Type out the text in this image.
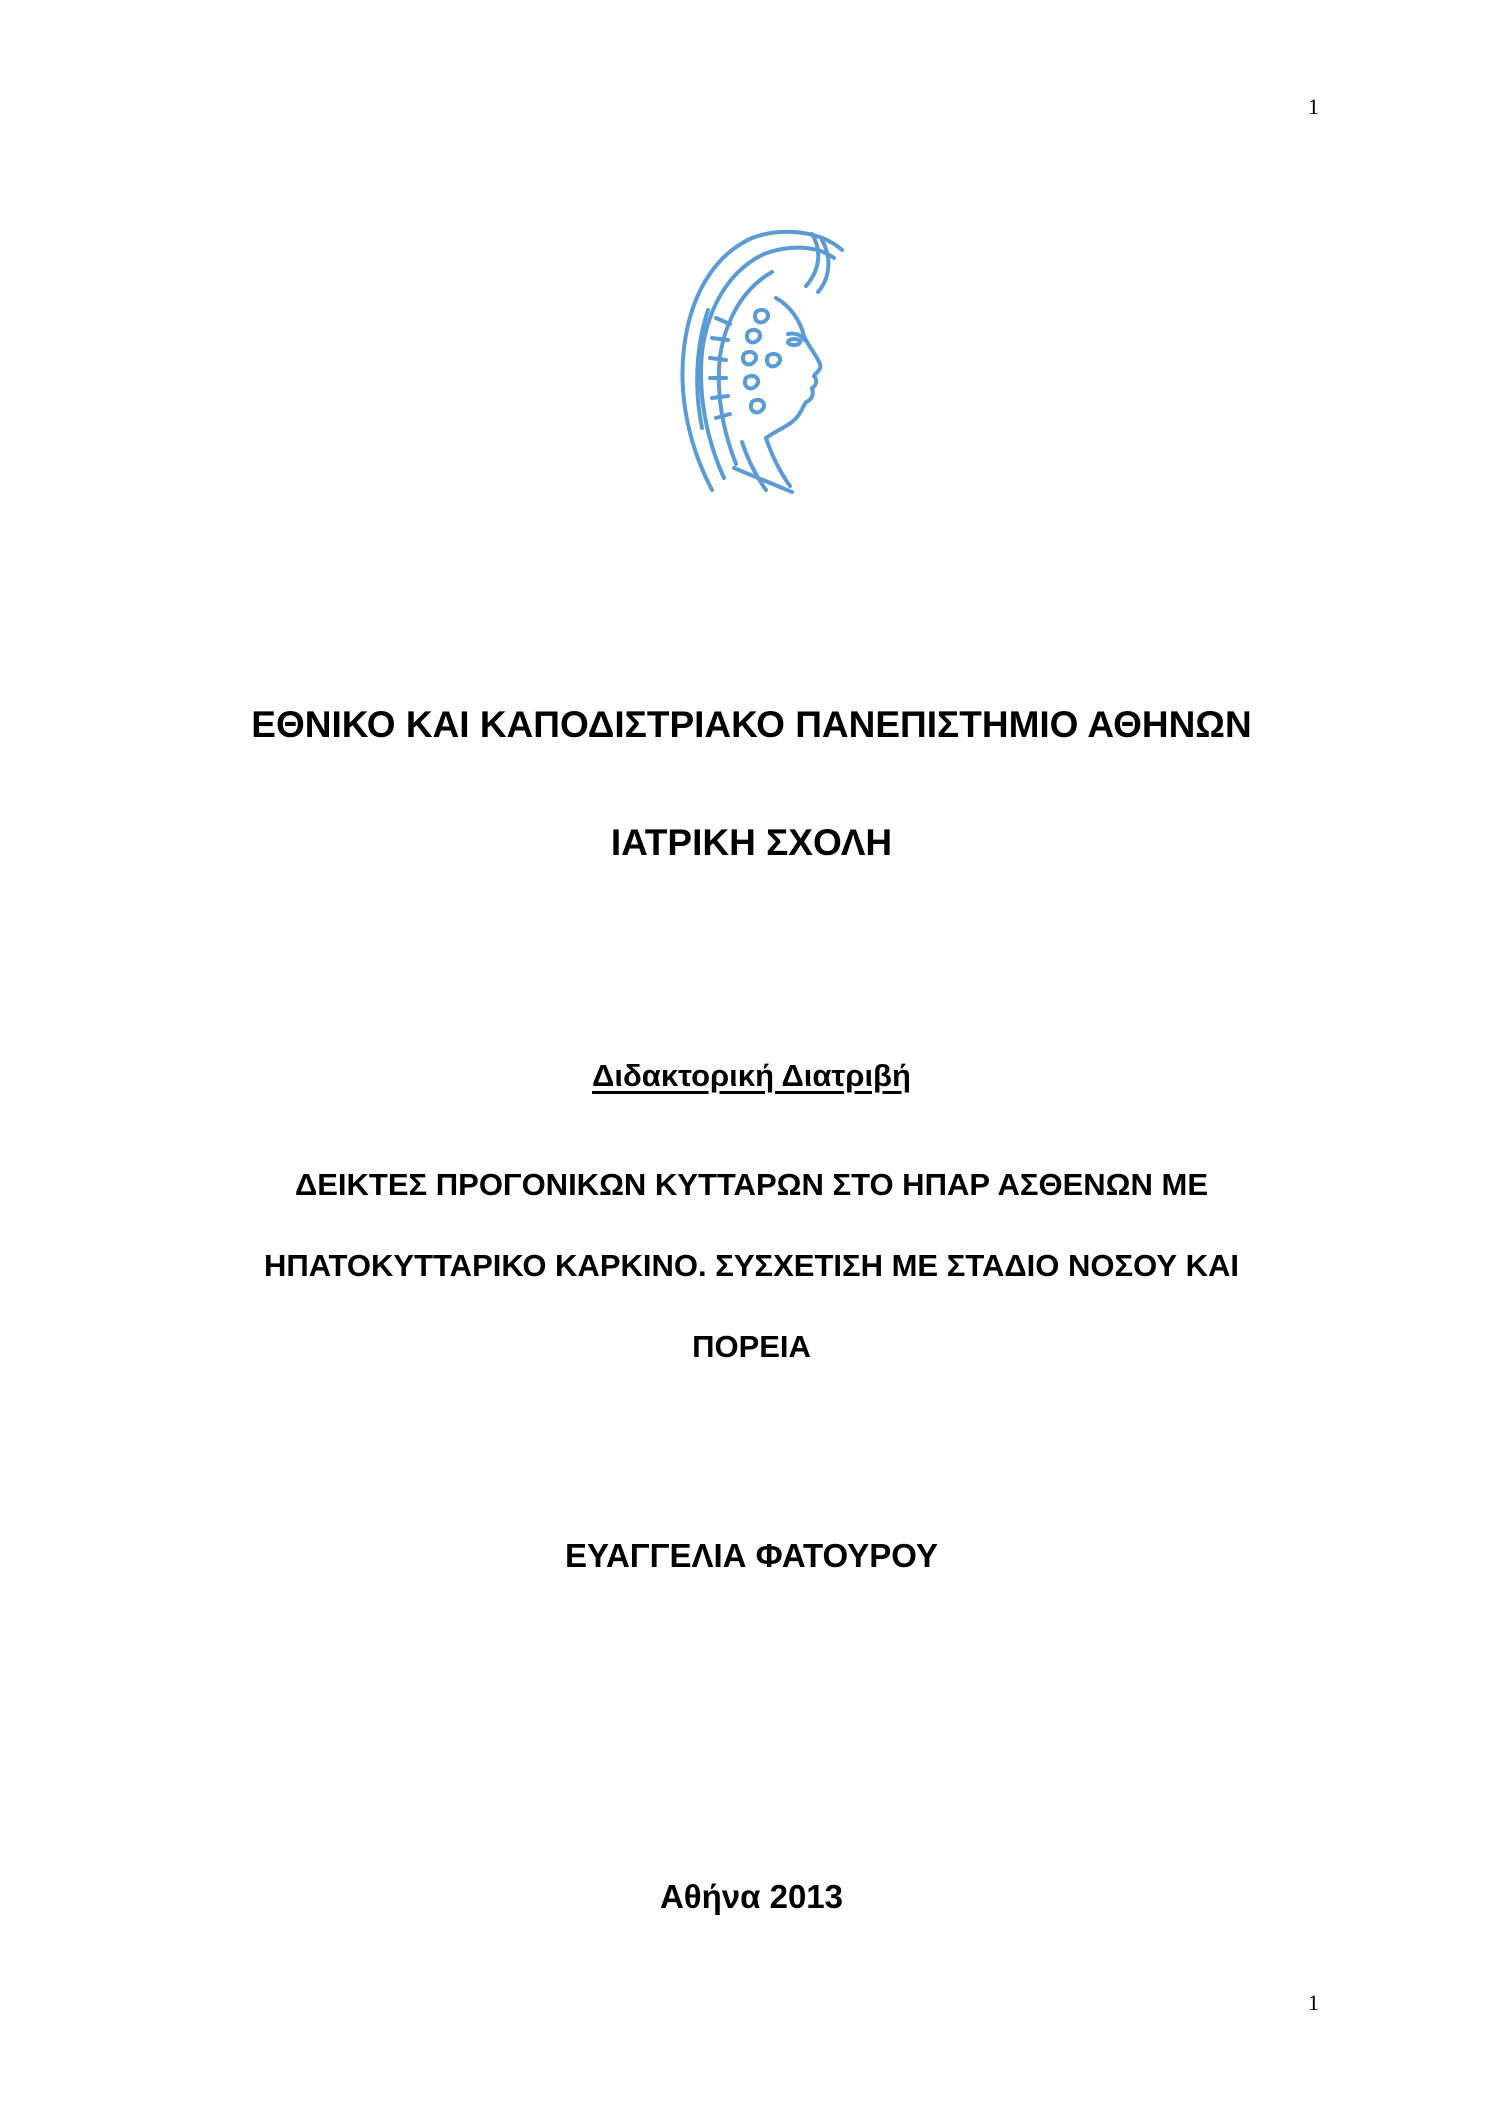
1
ΕΘΝΙΚΟ ΚΑΙ ΚΑΠΟΔΙΣΤΡΙΑΚΟ ΠΑΝΕΠΙΣΤΗΜΙΟ ΑΘΗΝΩΝ
ΙΑΤΡΙΚΗ ΣΧΟΛΗ
Διδακτορική Διατριβή
ΔΕΙΚΤΕΣ ΠΡΟΓΟΝΙΚΩΝ ΚΥΤΤΑΡΩΝ ΣΤΟ ΗΠΑΡ ΑΣΘΕΝΩΝ ΜΕ
ΗΠΑΤΟΚΥΤΤΑΡΙΚΟ ΚΑΡΚΙΝΟ. ΣΥΣΧΕΤΙΣΗ ΜΕ ΣΤΑΔΙΟ ΝΟΣΟΥ ΚΑΙ
ΠΟΡΕΙΑ
ΕΥΑΓΓΕΛΙΑ ΦΑΤΟΥΡΟΥ
Αθήνα 2013
1
